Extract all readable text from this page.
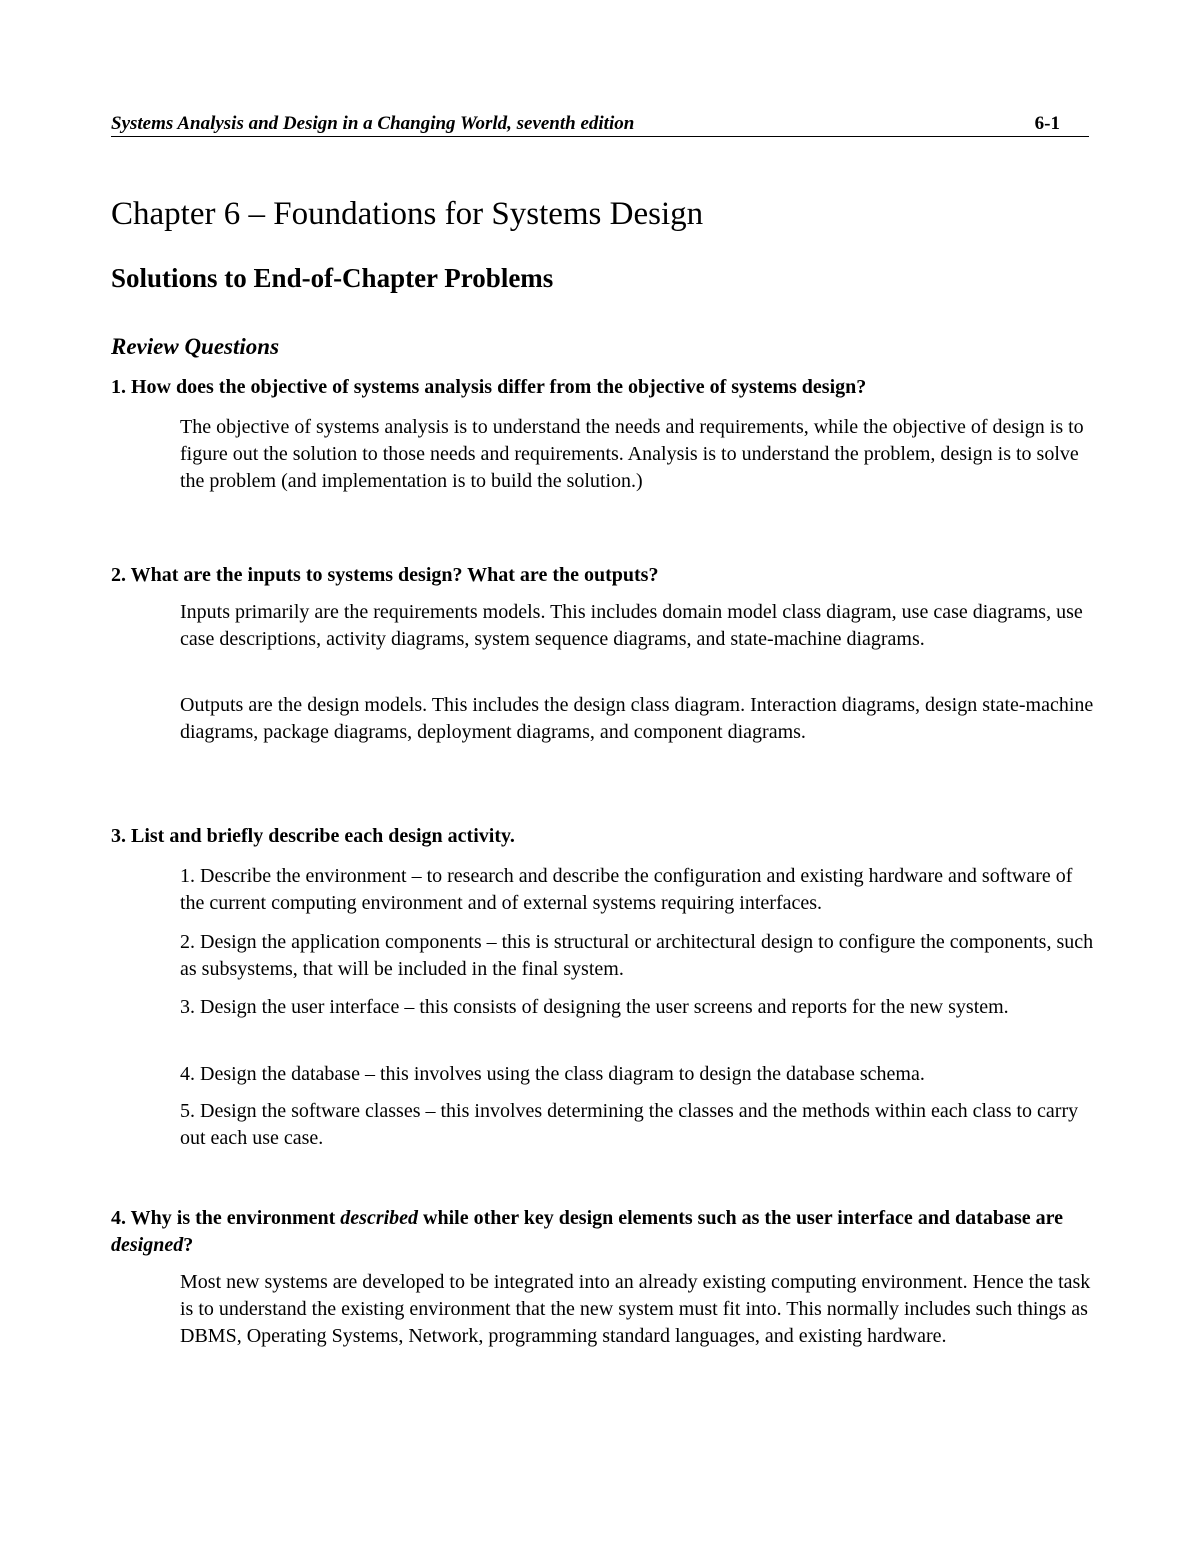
Systems Analysis and Design in a Changing World, seventh edition	6-1
Chapter 6 – Foundations for Systems Design
Solutions to End-of-Chapter Problems
Review Questions

1. How does the objective of systems analysis differ from the objective of systems design?

The objective of systems analysis is to understand the needs and requirements, while the objective of design is to figure out the solution to those needs and requirements. Analysis is to understand the problem, design is to solve the problem (and implementation is to build the solution.)

2. What are the inputs to systems design? What are the outputs?

Inputs primarily are the requirements models. This includes domain model class diagram, use case diagrams, use case descriptions, activity diagrams, system sequence diagrams, and state-machine diagrams.

Outputs are the design models. This includes the design class diagram. Interaction diagrams, design state-machine diagrams, package diagrams, deployment diagrams, and component diagrams.

3. List and briefly describe each design activity.

1. Describe the environment – to research and describe the configuration and existing hardware and software of the current computing environment and of external systems requiring interfaces.

2. Design the application components – this is structural or architectural design to configure the components, such as subsystems, that will be included in the final system.

3. Design the user interface – this consists of designing the user screens and reports for the new system.

4. Design the database – this involves using the class diagram to design the database schema.

5. Design the software classes – this involves determining the classes and the methods within each class to carry out each use case.

4. Why is the environment described while other key design elements such as the user interface and database are designed?

Most new systems are developed to be integrated into an already existing computing environment. Hence the task is to understand the existing environment that the new system must fit into. This normally includes such things as DBMS, Operating Systems, Network, programming standard languages, and existing hardware.
